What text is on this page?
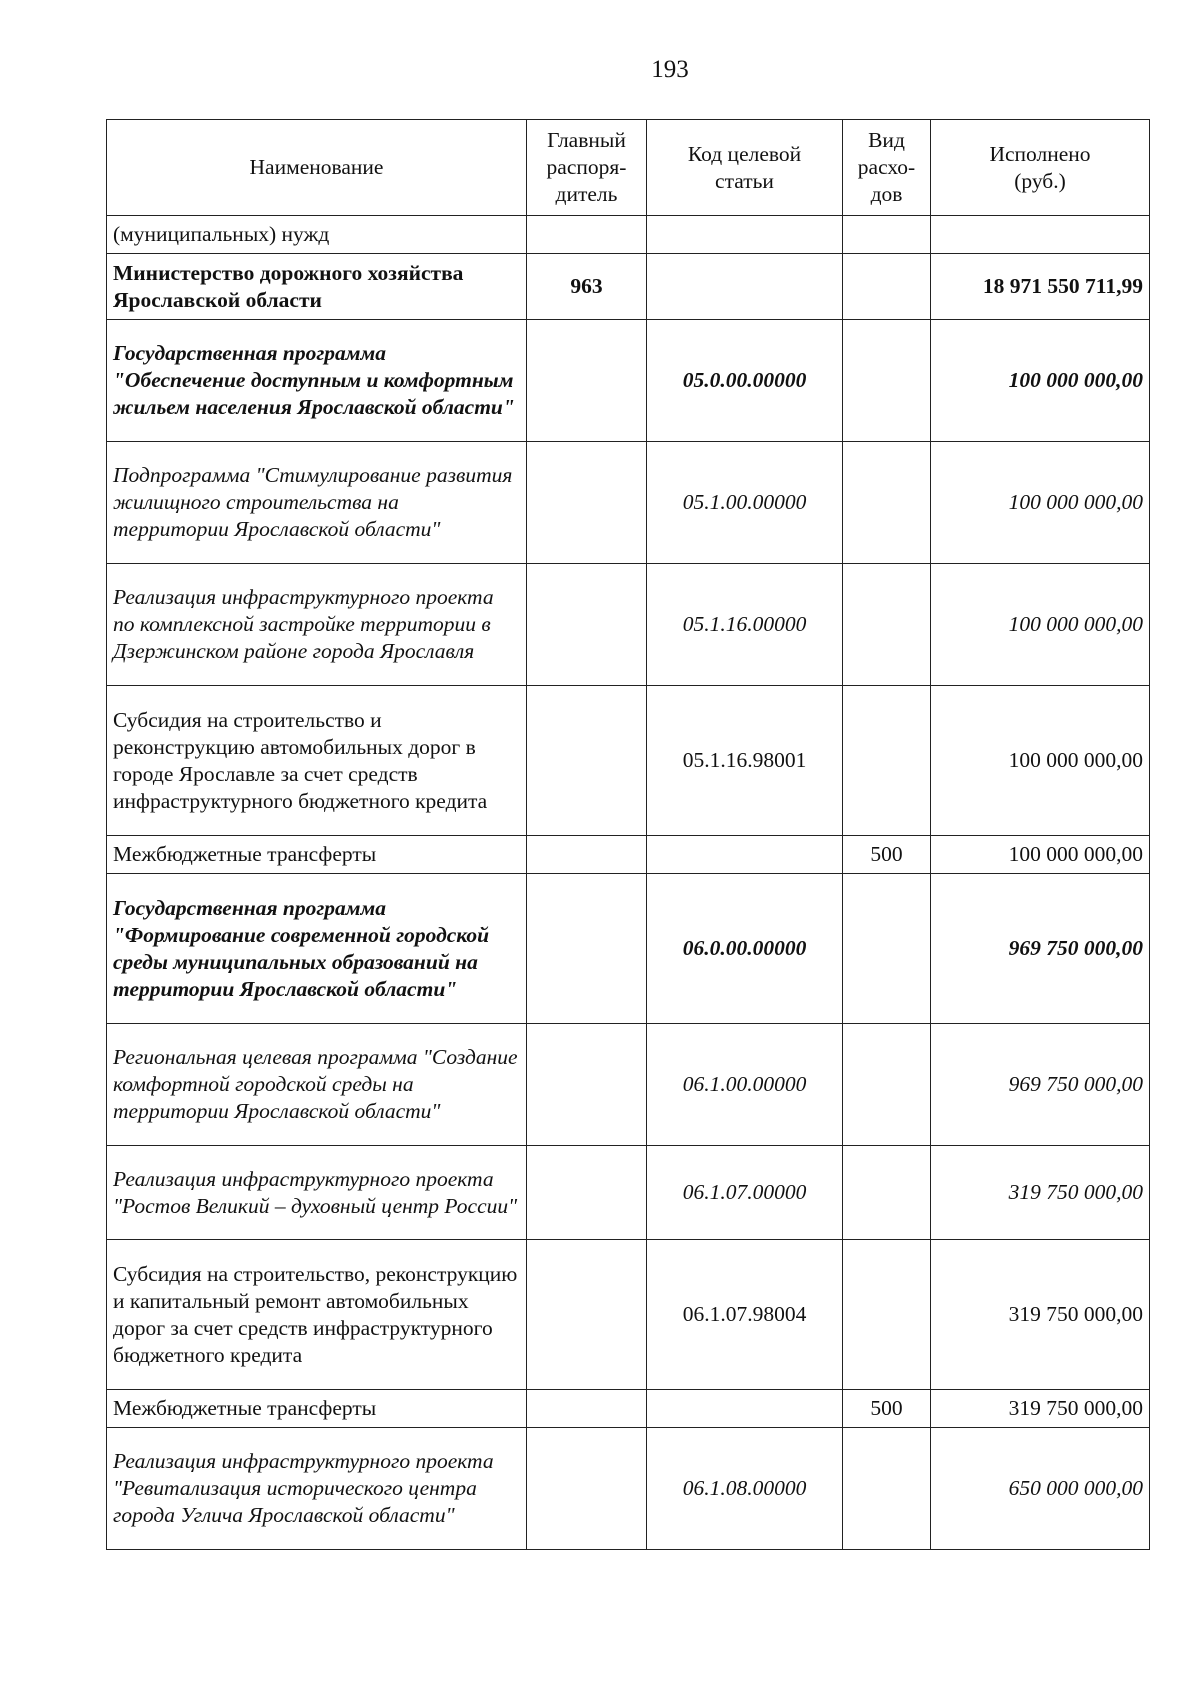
193
Наименование	Главный распоря-дитель	Код целевой статьи	Вид расхо-дов	Исполнено (руб.)
(муниципальных) нужд				
Министерство дорожного хозяйства Ярославской области	963			18 971 550 711,99
Государственная программа "Обеспечение доступным и комфортным жильем населения Ярославской области"		05.0.00.00000		100 000 000,00
Подпрограмма "Стимулирование развития жилищного строительства на территории Ярославской области"		05.1.00.00000		100 000 000,00
Реализация инфраструктурного проекта по комплексной застройке территории в Дзержинском районе города Ярославля		05.1.16.00000		100 000 000,00
Субсидия на строительство и реконструкцию автомобильных дорог в городе Ярославле за счет средств инфраструктурного бюджетного кредита		05.1.16.98001		100 000 000,00
Межбюджетные трансферты			500	100 000 000,00
Государственная программа "Формирование современной городской среды муниципальных образований на территории Ярославской области"		06.0.00.00000		969 750 000,00
Региональная целевая программа "Создание комфортной городской среды на территории Ярославской области"		06.1.00.00000		969 750 000,00
Реализация инфраструктурного проекта "Ростов Великий – духовный центр России"		06.1.07.00000		319 750 000,00
Субсидия на строительство, реконструкцию и капитальный ремонт автомобильных дорог за счет средств инфраструктурного бюджетного кредита		06.1.07.98004		319 750 000,00
Межбюджетные трансферты			500	319 750 000,00
Реализация инфраструктурного проекта "Ревитализация исторического центра города Углича Ярославской области"		06.1.08.00000		650 000 000,00
